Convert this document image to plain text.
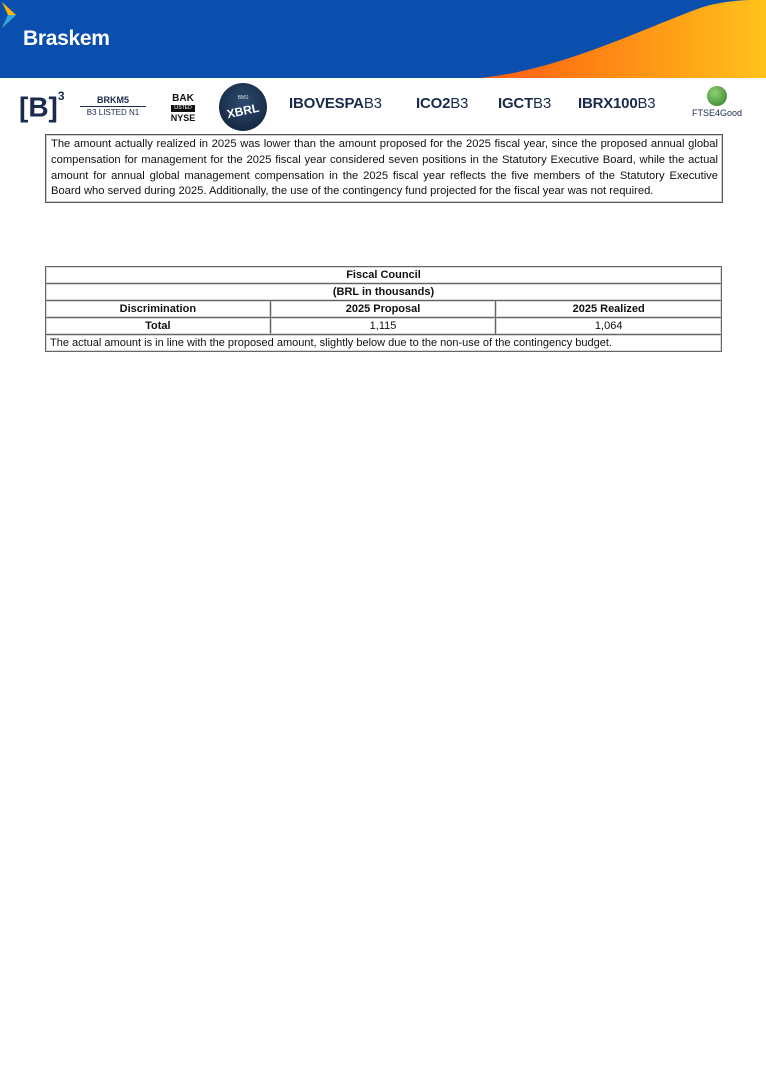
Braskem
$[B]^3$	BRKM5
B3 LISTED N1
BAK
LISTED
NYSE
BMS
XBRL	IBOVESPAB3 ICO2B3 IGCTB3 IBRX100B3
FTSE4Good
The amount actually realized in 2025 was lower than the amount proposed for the 2025 fiscal year, since the proposed annual global compensation for management for the 2025 fiscal year considered seven positions in the Statutory Executive Board, while the actual amount for annual global management compensation in the 2025 fiscal year reflects the five members of the Statutory Executive Board who served during 2025. Additionally, the use of the contingency fund projected for the fiscal year was not required.
Fiscal Council		
(BRL in thousands)		
Discrimination	2025 Proposal	2025 Realized
Total	1,115	1,064
The actual amount is in line with the proposed amount, slightly below due to the non-use of the contingency budget.		
